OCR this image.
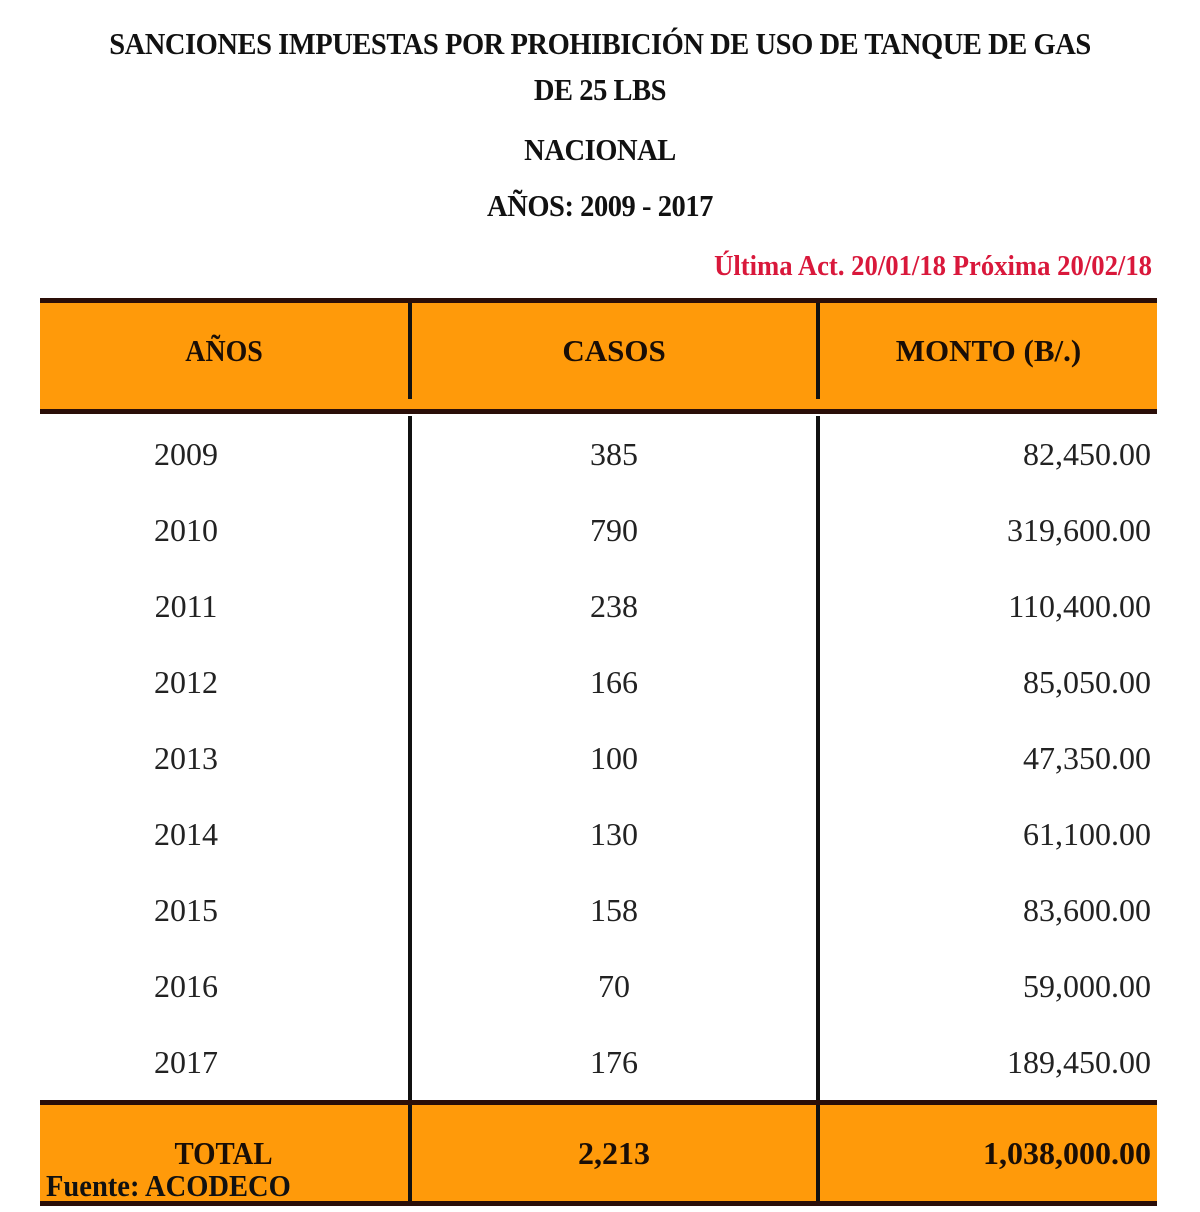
SANCIONES IMPUESTAS POR PROHIBICIÓN DE USO DE TANQUE DE GAS
DE 25 LBS
NACIONAL
AÑOS: 2009 - 2017
Última Act. 20/01/18 Próxima 20/02/18
AÑOS	CASOS	MONTO (B/.)
2009	385	82,450.00
2010	790	319,600.00
2011	238	110,400.00
2012	166	85,050.00
2013	100	47,350.00
2014	130	61,100.00
2015	158	83,600.00
2016	70	59,000.00
2017	176	189,450.00
TOTAL	2,213	1,038,000.00
Fuente: ACODECO
